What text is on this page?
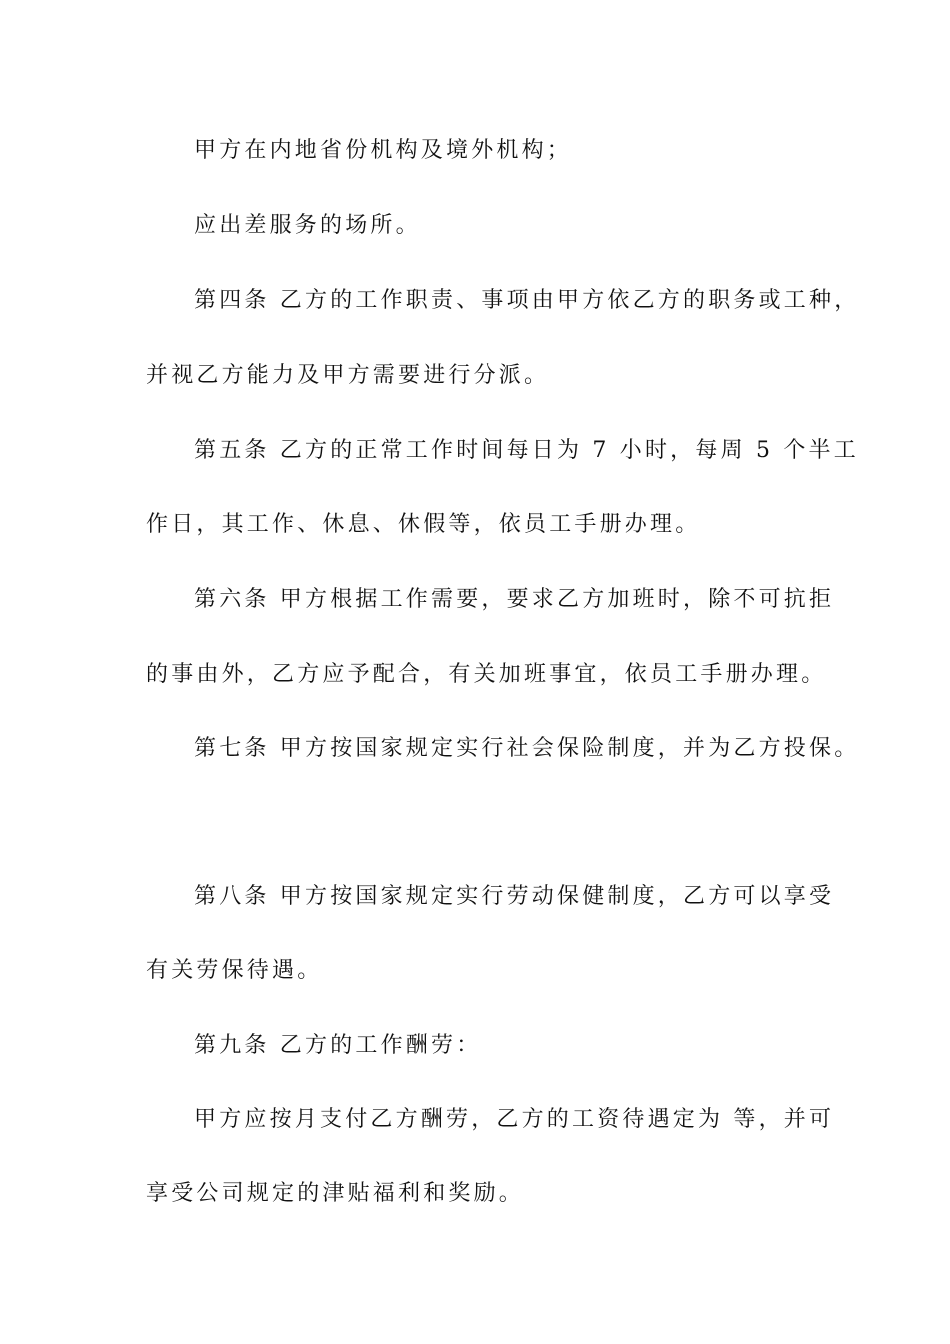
甲方在内地省份机构及境外机构；
应出差服务的场所。
第四条 乙方的工作职责、事项由甲方依乙方的职务或工种，
并视乙方能力及甲方需要进行分派。
第五条 乙方的正常工作时间每日为 7 小时，每周 5 个半工
作日，其工作、休息、休假等，依员工手册办理。
第六条 甲方根据工作需要，要求乙方加班时，除不可抗拒
的事由外，乙方应予配合，有关加班事宜，依员工手册办理。
第七条 甲方按国家规定实行社会保险制度，并为乙方投保。
第八条 甲方按国家规定实行劳动保健制度，乙方可以享受
有关劳保待遇。
第九条 乙方的工作酬劳：
甲方应按月支付乙方酬劳，乙方的工资待遇定为 等，并可
享受公司规定的津贴福利和奖励。
